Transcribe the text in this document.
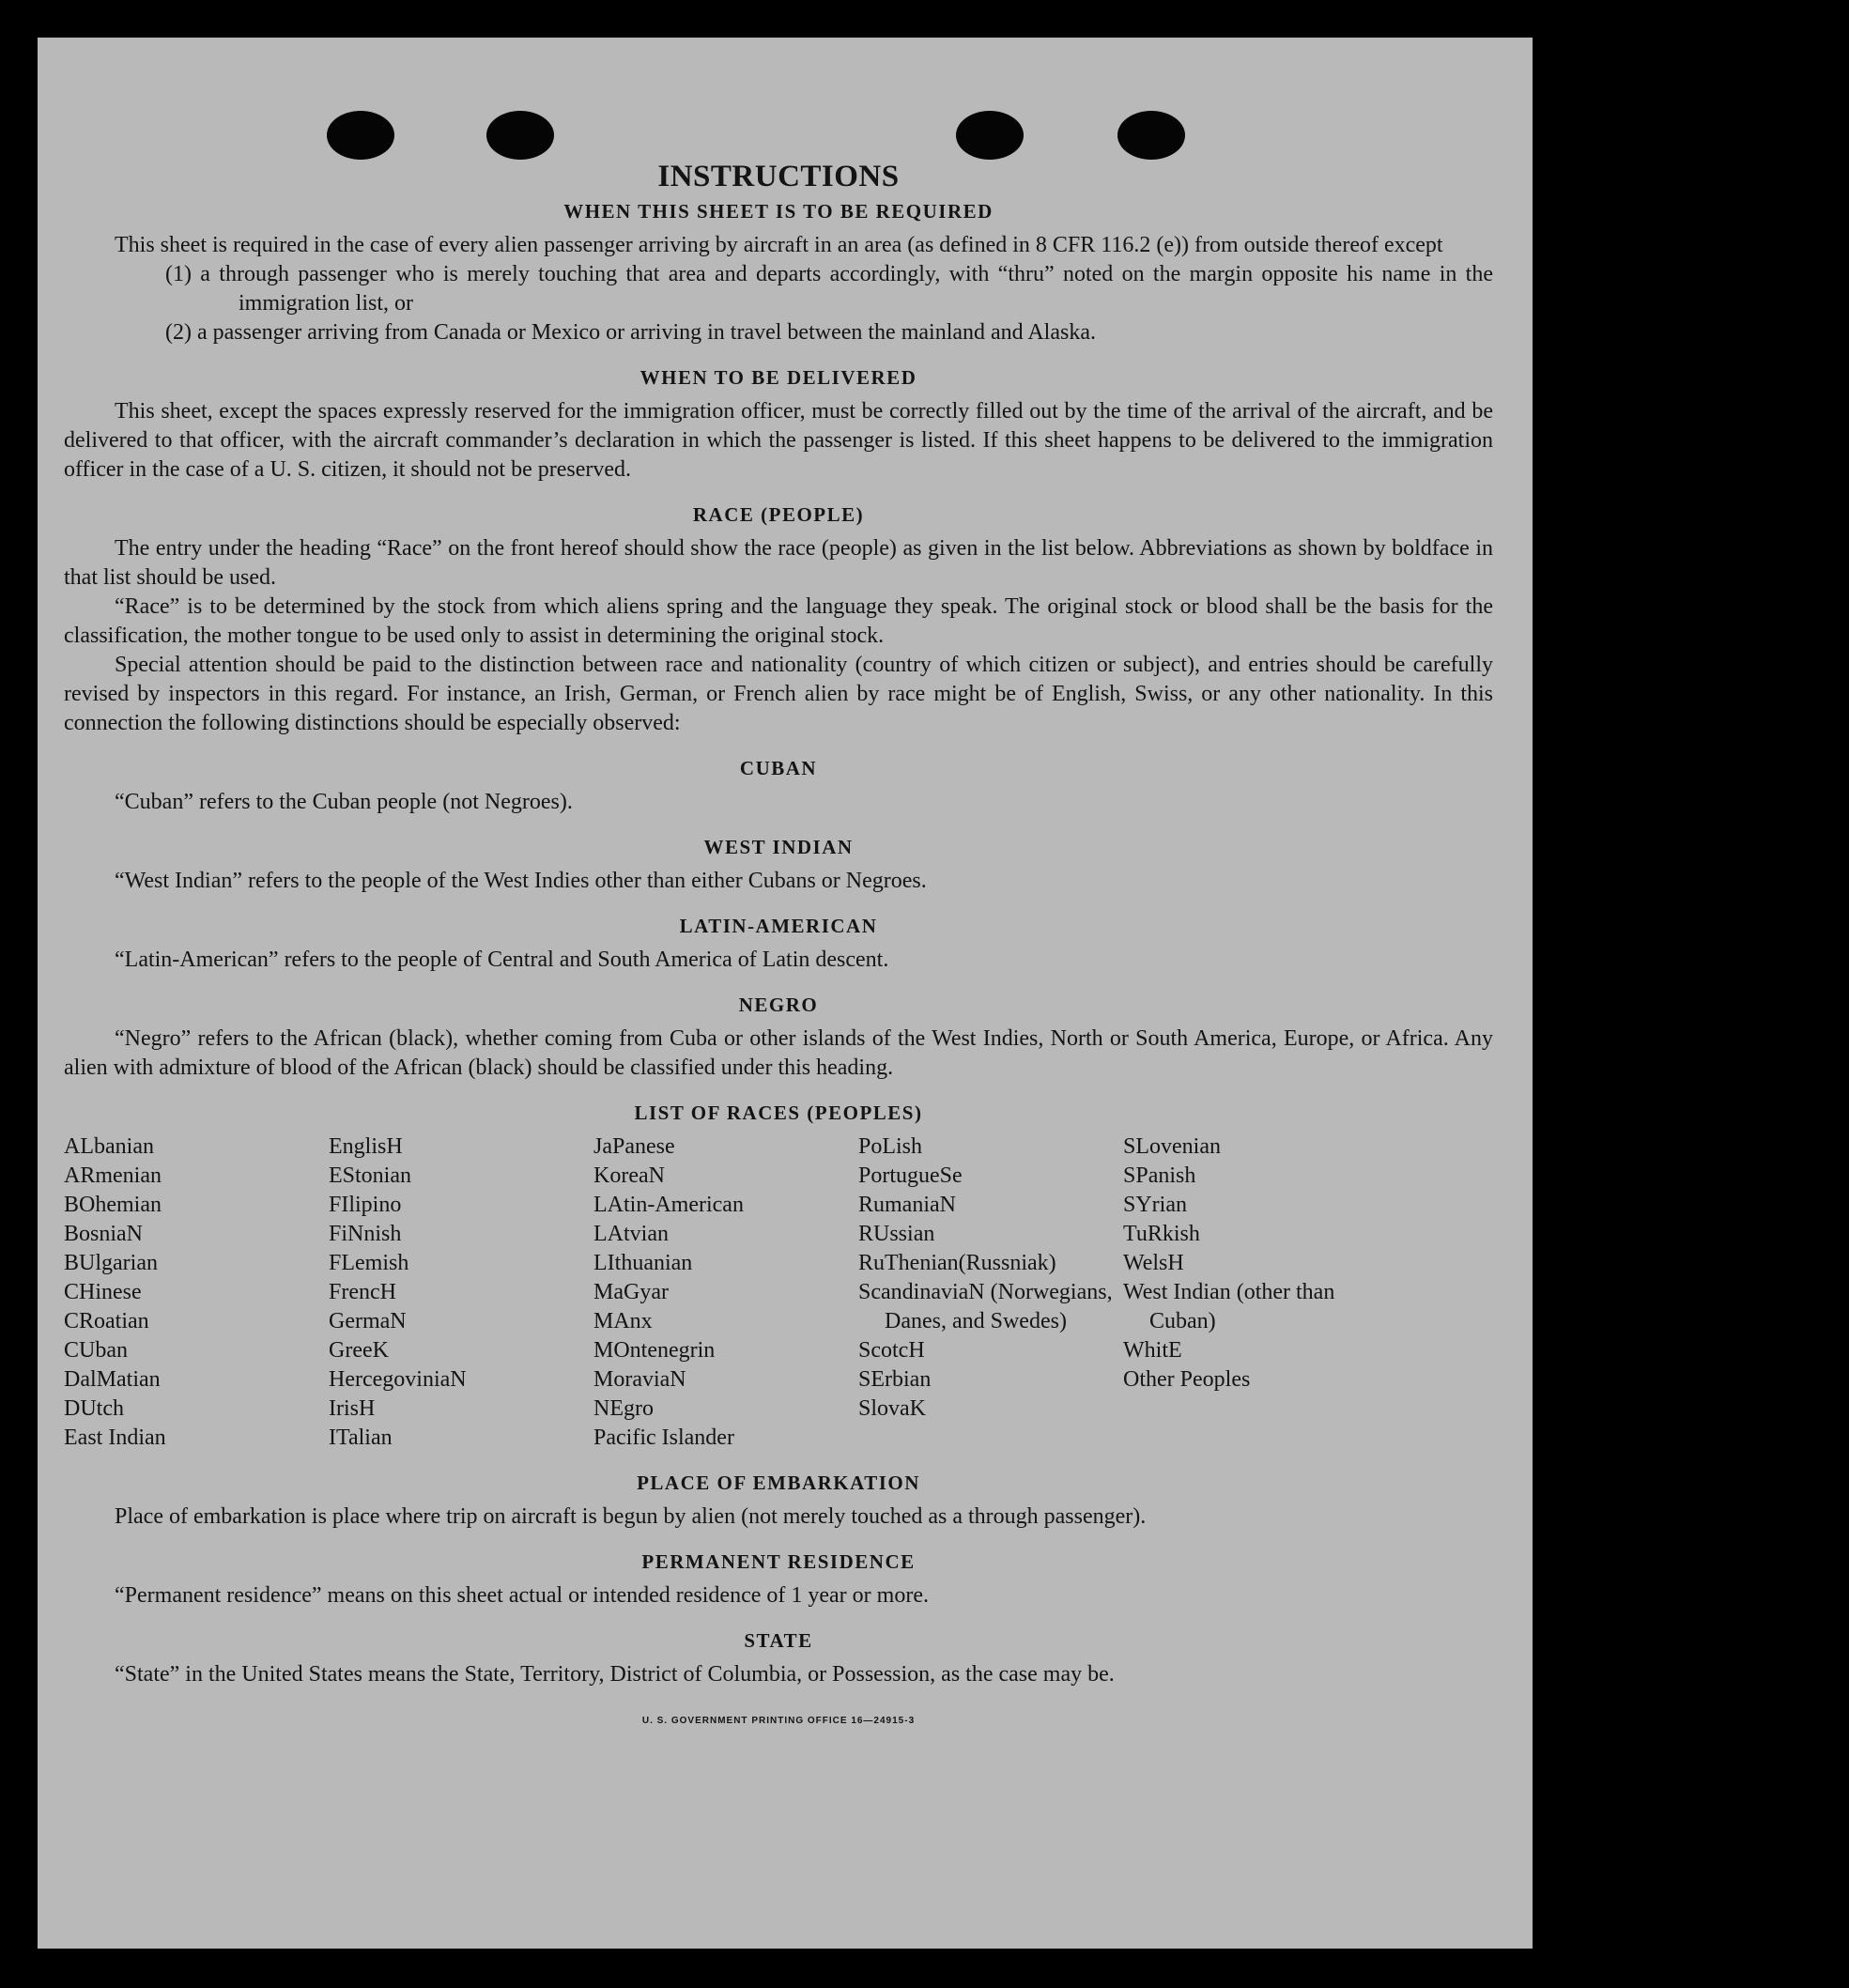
INSTRUCTIONS
WHEN THIS SHEET IS TO BE REQUIRED

This sheet is required in the case of every alien passenger arriving by aircraft in an area (as defined in 8 CFR 116.2 (e)) from outside thereof except

(1) a through passenger who is merely touching that area and departs accordingly, with “thru” noted on the margin opposite his name in the immigration list, or

(2) a passenger arriving from Canada or Mexico or arriving in travel between the mainland and Alaska.

WHEN TO BE DELIVERED

This sheet, except the spaces expressly reserved for the immigration officer, must be correctly filled out by the time of the arrival of the aircraft, and be delivered to that officer, with the aircraft commander’s declaration in which the passenger is listed. If this sheet happens to be delivered to the immigration officer in the case of a U. S. citizen, it should not be preserved.

RACE (PEOPLE)

The entry under the heading “Race” on the front hereof should show the race (people) as given in the list below. Abbreviations as shown by boldface in that list should be used.

“Race” is to be determined by the stock from which aliens spring and the language they speak. The original stock or blood shall be the basis for the classification, the mother tongue to be used only to assist in determining the original stock.

Special attention should be paid to the distinction between race and nationality (country of which citizen or subject), and entries should be carefully revised by inspectors in this regard. For instance, an Irish, German, or French alien by race might be of English, Swiss, or any other nationality. In this connection the following distinctions should be especially observed:

CUBAN

“Cuban” refers to the Cuban people (not Negroes).

WEST INDIAN

“West Indian” refers to the people of the West Indies other than either Cubans or Negroes.

LATIN-AMERICAN

“Latin-American” refers to the people of Central and South America of Latin descent.

NEGRO

“Negro” refers to the African (black), whether coming from Cuba or other islands of the West Indies, North or South America, Europe, or Africa. Any alien with admixture of blood of the African (black) should be classified under this heading.

LIST OF RACES (PEOPLES)
ALbanian
ARmenian
BOhemian
BosniaN
BUlgarian
CHinese
CRoatian
CUban
DalMatian
DUtch
East Indian
EnglisH
EStonian
FIlipino
FiNnish
FLemish
FrencH
GermaN
GreeK
HercegoviniaN
IrisH
ITalian
JaPanese
KoreaN
LAtin-American
LAtvian
LIthuanian
MaGyar
MAnx
MOntenegrin
MoraviaN
NEgro
Pacific Islander
PoLish
PortugueSe
RumaniaN
RUssian
RuThenian(Russniak)
ScandinaviaN (Norwegians, Danes, and Swedes)
ScotcH
SErbian
SlovaK
SLovenian
SPanish
SYrian
TuRkish
WelsH
West Indian (other than Cuban)
WhitE
Other Peoples
PLACE OF EMBARKATION

Place of embarkation is place where trip on aircraft is begun by alien (not merely touched as a through passenger).

PERMANENT RESIDENCE

“Permanent residence” means on this sheet actual or intended residence of 1 year or more.

STATE

“State” in the United States means the State, Territory, District of Columbia, or Possession, as the case may be.

U. S. GOVERNMENT PRINTING OFFICE 16—24915-3
